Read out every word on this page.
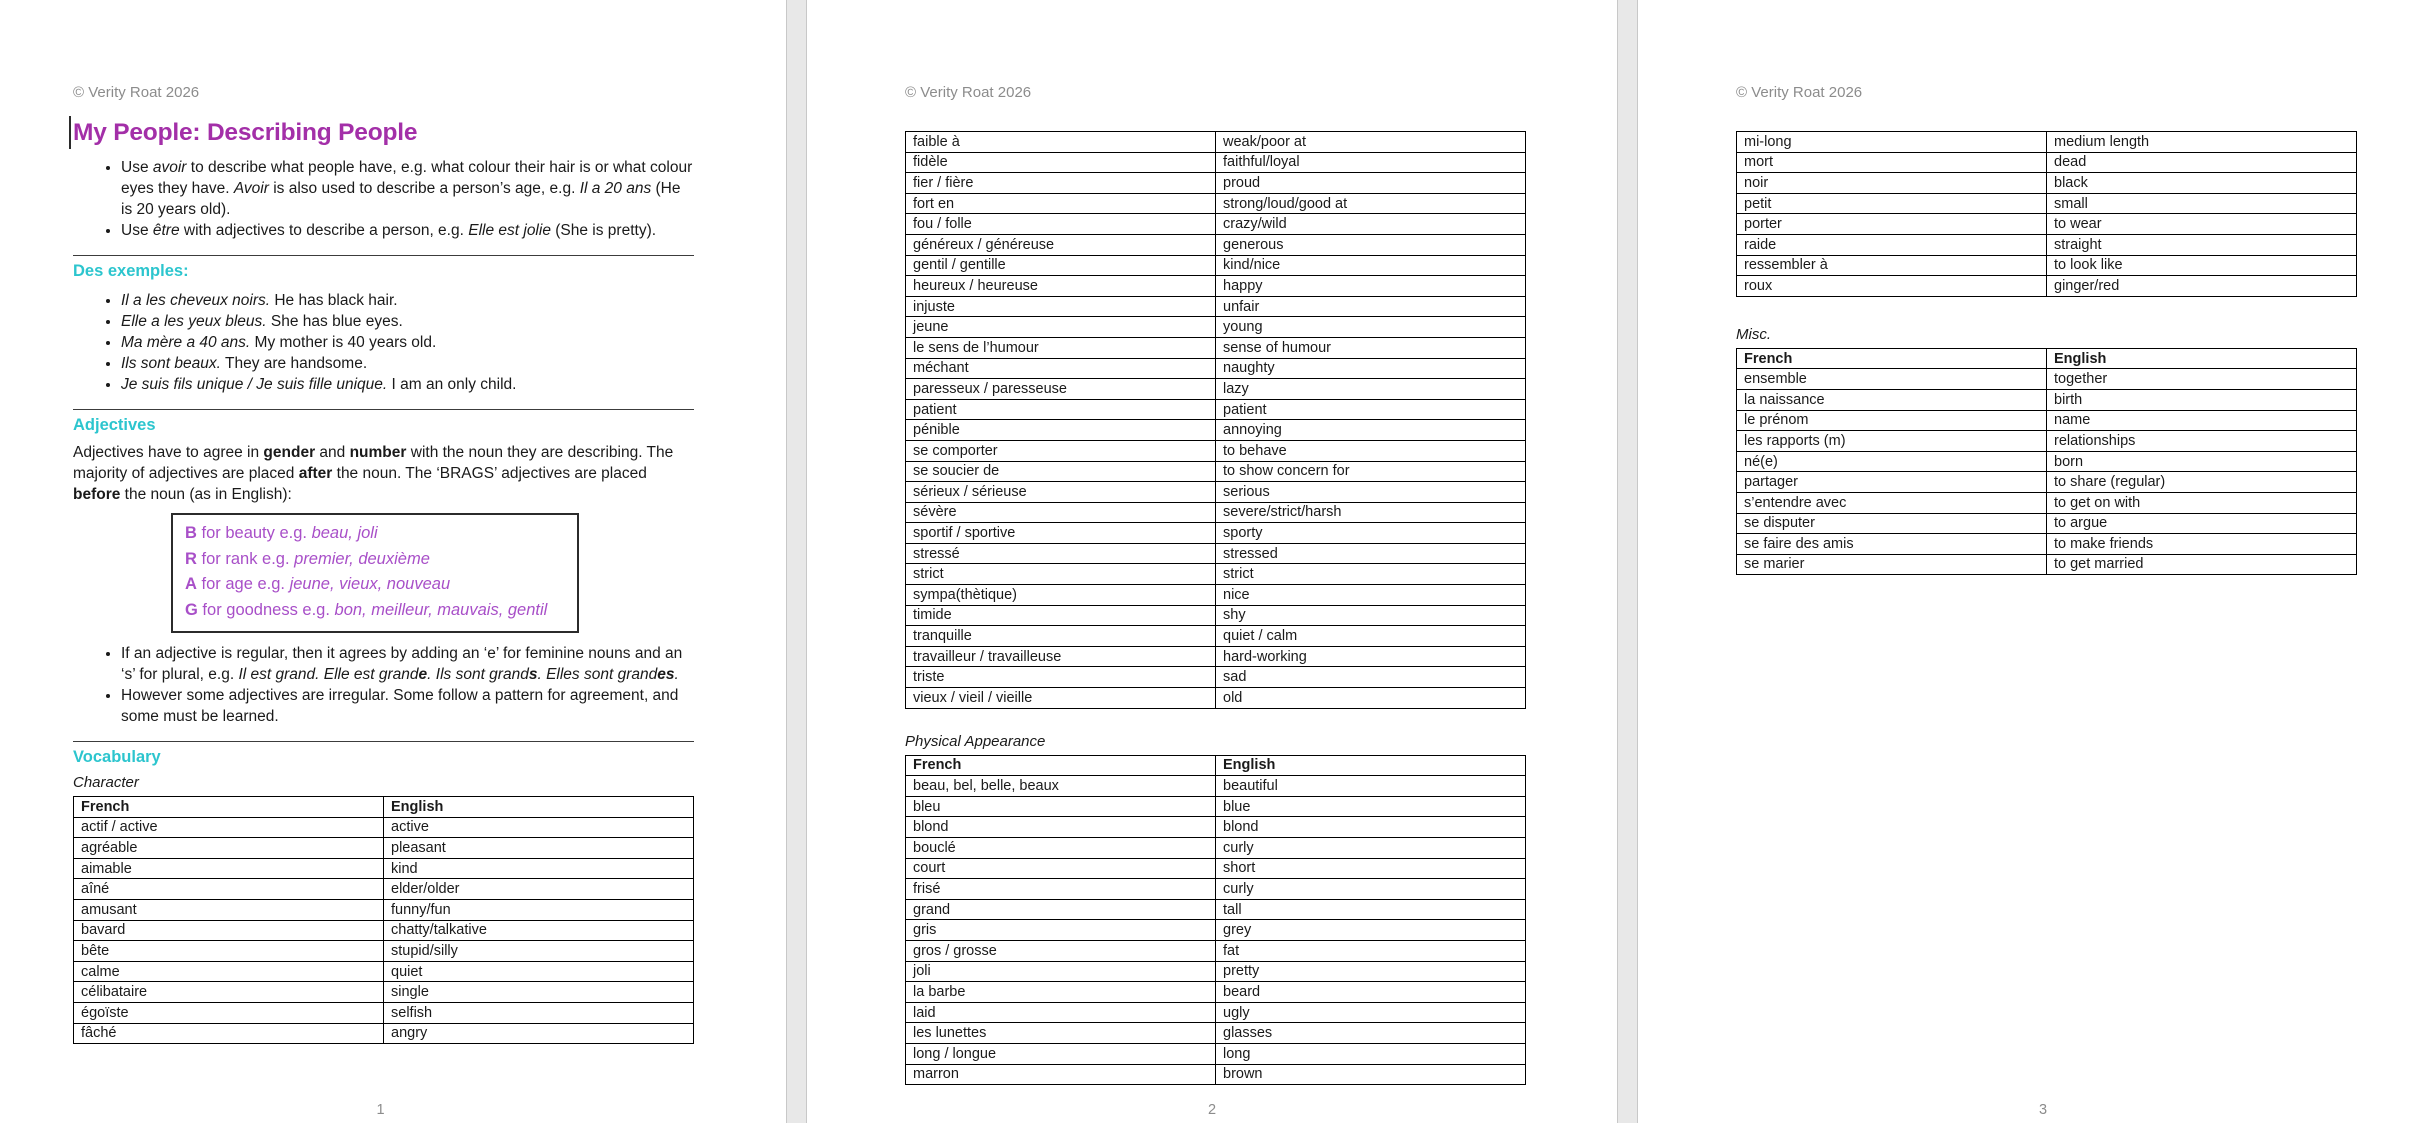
© Verity Roat 2026
My People: Describing People
• Use avoir to describe what people have, e.g. what colour their hair is or what colour eyes they have. Avoir is also used to describe a person’s age, e.g. Il a 20 ans (He is 20 years old).
• Use être with adjectives to describe a person, e.g. Elle est jolie (She is pretty).
Des exemples:
• Il a les cheveux noirs. He has black hair.
• Elle a les yeux bleus. She has blue eyes.
• Ma mère a 40 ans. My mother is 40 years old.
• Ils sont beaux. They are handsome.
• Je suis fils unique / Je suis fille unique. I am an only child.
Adjectives

Adjectives have to agree in gender and number with the noun they are describing. The majority of adjectives are placed after the noun. The ‘BRAGS’ adjectives are placed before the noun (as in English):

B for beauty e.g. beau, joli
R for rank e.g. premier, deuxième
A for age e.g. jeune, vieux, nouveau
G for goodness e.g. bon, meilleur, mauvais, gentil
• If an adjective is regular, then it agrees by adding an ‘e’ for feminine nouns and an ‘s’ for plural, e.g. Il est grand. Elle est grande. Ils sont grands. Elles sont grandes.
• However some adjectives are irregular. Some follow a pattern for agreement, and some must be learned.
Vocabulary
Character
French	English
actif / active	active
agréable	pleasant
aimable	kind
aîné	elder/older
amusant	funny/fun
bavard	chatty/talkative
bête	stupid/silly
calme	quiet
célibataire	single
égoïste	selfish
fâché	angry
1
© Verity Roat 2026
faible à	weak/poor at
fidèle	faithful/loyal
fier / fière	proud
fort en	strong/loud/good at
fou / folle	crazy/wild
généreux / généreuse	generous
gentil / gentille	kind/nice
heureux / heureuse	happy
injuste	unfair
jeune	young
le sens de l’humour	sense of humour
méchant	naughty
paresseux / paresseuse	lazy
patient	patient
pénible	annoying
se comporter	to behave
se soucier de	to show concern for
sérieux / sérieuse	serious
sévère	severe/strict/harsh
sportif / sportive	sporty
stressé	stressed
strict	strict
sympa(thètique)	nice
timide	shy
tranquille	quiet / calm
travailleur / travailleuse	hard-working
triste	sad
vieux / vieil / vieille	old
Physical Appearance
French	English
beau, bel, belle, beaux	beautiful
bleu	blue
blond	blond
bouclé	curly
court	short
frisé	curly
grand	tall
gris	grey
gros / grosse	fat
joli	pretty
la barbe	beard
laid	ugly
les lunettes	glasses
long / longue	long
marron	brown
2
© Verity Roat 2026
mi-long	medium length
mort	dead
noir	black
petit	small
porter	to wear
raide	straight
ressembler à	to look like
roux	ginger/red
Misc.
French	English
ensemble	together
la naissance	birth
le prénom	name
les rapports (m)	relationships
né(e)	born
partager	to share (regular)
s’entendre avec	to get on with
se disputer	to argue
se faire des amis	to make friends
se marier	to get married
3
